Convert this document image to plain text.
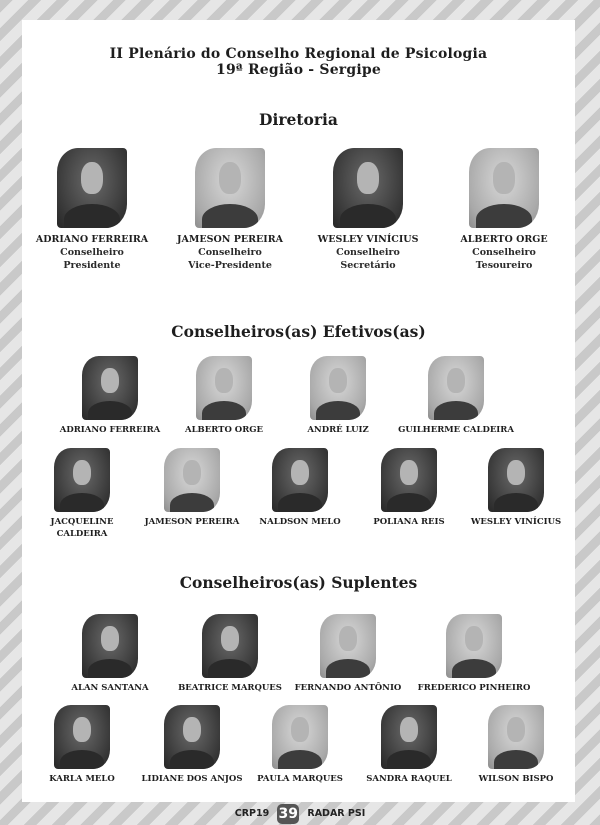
II Plenário do Conselho Regional de Psicologia
19ª Região - Sergipe
Diretoria
ADRIANO FERREIRA
Conselheiro
Presidente
JAMESON PEREIRA
Conselheiro
Vice-Presidente
WESLEY VINÍCIUS
Conselheiro
Secretário
ALBERTO ORGE
Conselheiro
Tesoureiro
Conselheiros(as) Efetivos(as)
ADRIANO FERREIRA	ALBERTO ORGE	ANDRÉ LUIZ	GUILHERME CALDEIRA
JACQUELINE
CALDEIRA
JAMESON PEREIRA	NALDSON MELO	POLIANA REIS	WESLEY VINÍCIUS
Conselheiros(as) Suplentes
ALAN SANTANA	BEATRICE MARQUES	FERNANDO ANTÔNIO	FREDERICO PINHEIRO
KARLA MELO	LIDIANE DOS ANJOS	PAULA MARQUES	SANDRA RAQUEL	WILSON BISPO
CRP19 39 RADAR PSI
